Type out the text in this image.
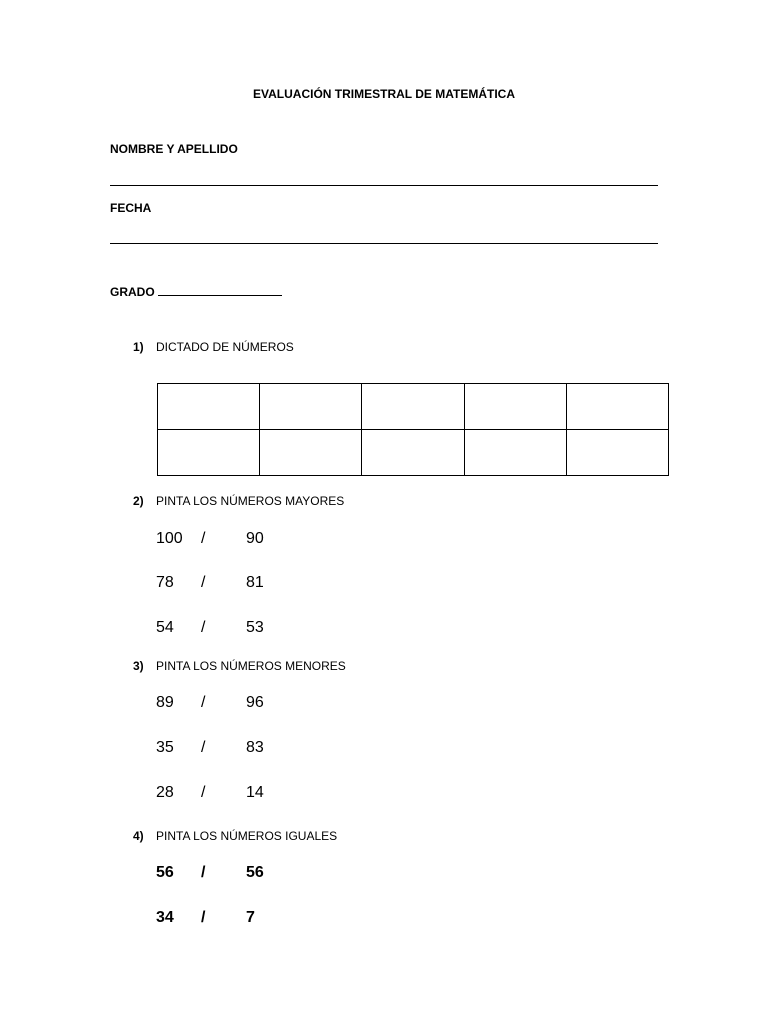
EVALUACIÓN TRIMESTRAL DE MATEMÁTICA
NOMBRE Y APELLIDO
FECHA
GRADO
1) DICTADO DE NÚMEROS

2) PINTA LOS NÚMEROS MAYORES
100 /	90
78 /	81
54 /	53
3) PINTA LOS NÚMEROS MENORES
89 /	96
35 /	83
28 /	14
4) PINTA LOS NÚMEROS IGUALES
56 /	56
34 /	7
